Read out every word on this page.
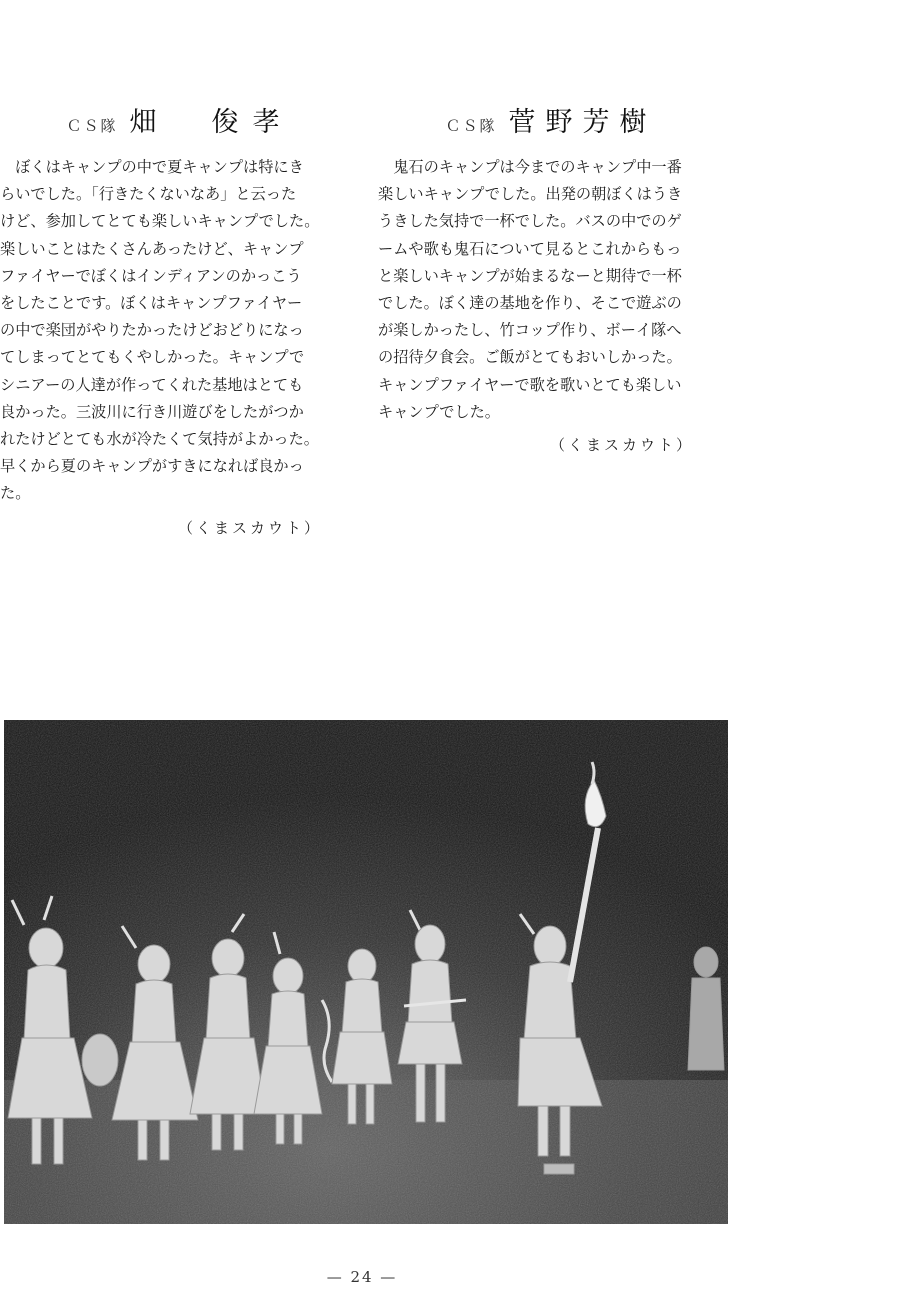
ＣＳ隊 畑　俊孝
　ぼくはキャンプの中で夏キャンプは特にき
らいでした。「行きたくないなあ」と云った
けど、参加してとても楽しいキャンプでした。
楽しいことはたくさんあったけど、キャンプ
ファイヤーでぼくはインディアンのかっこう
をしたことです。ぼくはキャンプファイヤー
の中で楽団がやりたかったけどおどりになっ
てしまってとてもくやしかった。キャンプで
シニアーの人達が作ってくれた基地はとても
良かった。三波川に行き川遊びをしたがつか
れたけどとても水が冷たくて気持がよかった。
早くから夏のキャンプがすきになれば良かっ
た。
（くまスカウト）
ＣＳ隊 菅野芳樹
　鬼石のキャンプは今までのキャンプ中一番
楽しいキャンプでした。出発の朝ぼくはうき
うきした気持で一杯でした。バスの中でのゲ
ームや歌も鬼石について見るとこれからもっ
と楽しいキャンプが始まるなーと期待で一杯
でした。ぼく達の基地を作り、そこで遊ぶの
が楽しかったし、竹コップ作り、ボーイ隊へ
の招待夕食会。ご飯がとてもおいしかった。
キャンプファイヤーで歌を歌いとても楽しい
キャンプでした。
（くまスカウト）
— 24 —
